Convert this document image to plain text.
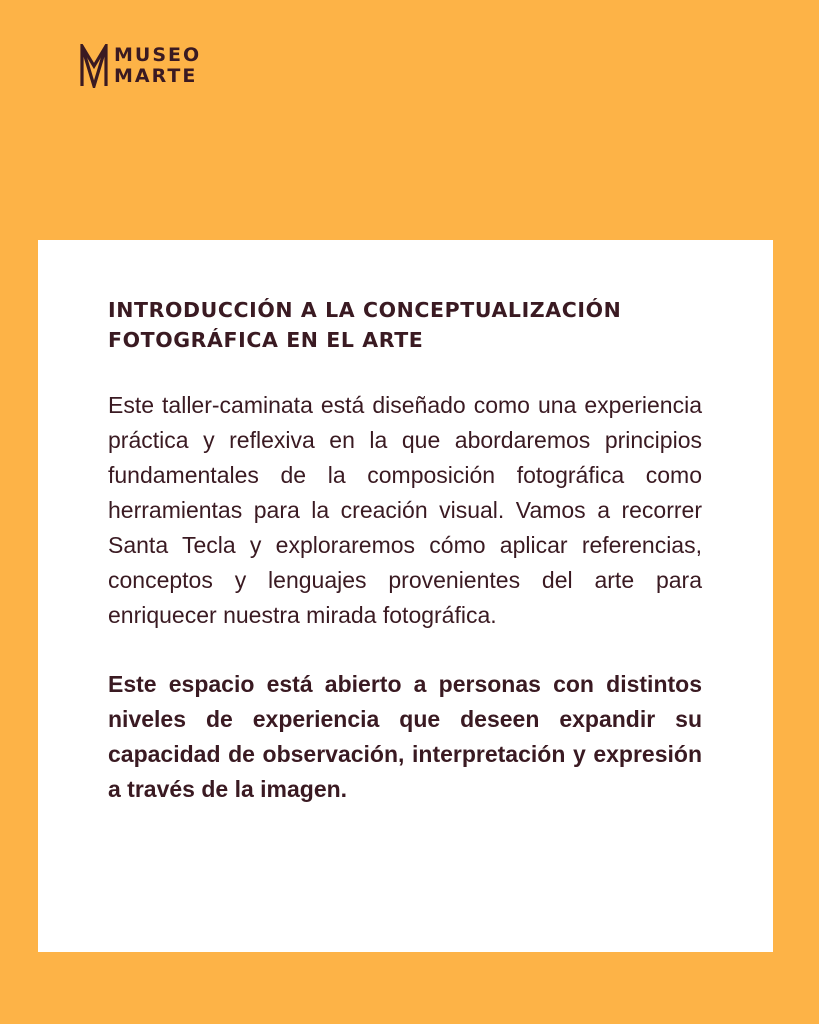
MUSEO
MARTE
INTRODUCCIÓN A LA CONCEPTUALIZACIÓN
FOTOGRÁFICA EN EL ARTE

Este taller-caminata está diseñado como una experiencia práctica y reflexiva en la que abordaremos principios fundamentales de la composición fotográfica como herramientas para la creación visual. Vamos a recorrer Santa Tecla y exploraremos cómo aplicar referencias, conceptos y lenguajes provenientes del arte para enriquecer nuestra mirada fotográfica.

Este espacio está abierto a personas con distintos niveles de experiencia que deseen expandir su capacidad de observación, interpretación y expresión a través de la imagen.
